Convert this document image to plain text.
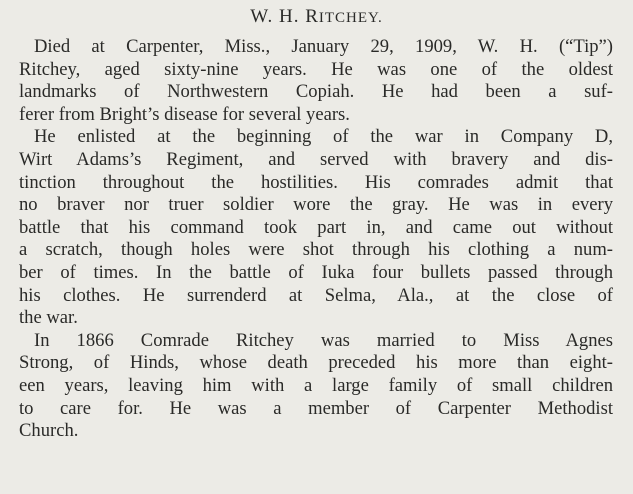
W. H. RITCHEY.
Died at Carpenter, Miss., January 29, 1909, W. H. (“Tip”)
Ritchey, aged sixty-nine years. He was one of the oldest
landmarks of Northwestern Copiah. He had been a suf-
ferer from Bright’s disease for several years.
He enlisted at the beginning of the war in Company D,
Wirt Adams’s Regiment, and served with bravery and dis-
tinction throughout the hostilities. His comrades admit that
no braver nor truer soldier wore the gray. He was in every
battle that his command took part in, and came out without
a scratch, though holes were shot through his clothing a num-
ber of times. In the battle of Iuka four bullets passed through
his clothes. He surrenderd at Selma, Ala., at the close of
the war.
In 1866 Comrade Ritchey was married to Miss Agnes
Strong, of Hinds, whose death preceded his more than eight-
een years, leaving him with a large family of small children
to care for. He was a member of Carpenter Methodist
Church.
